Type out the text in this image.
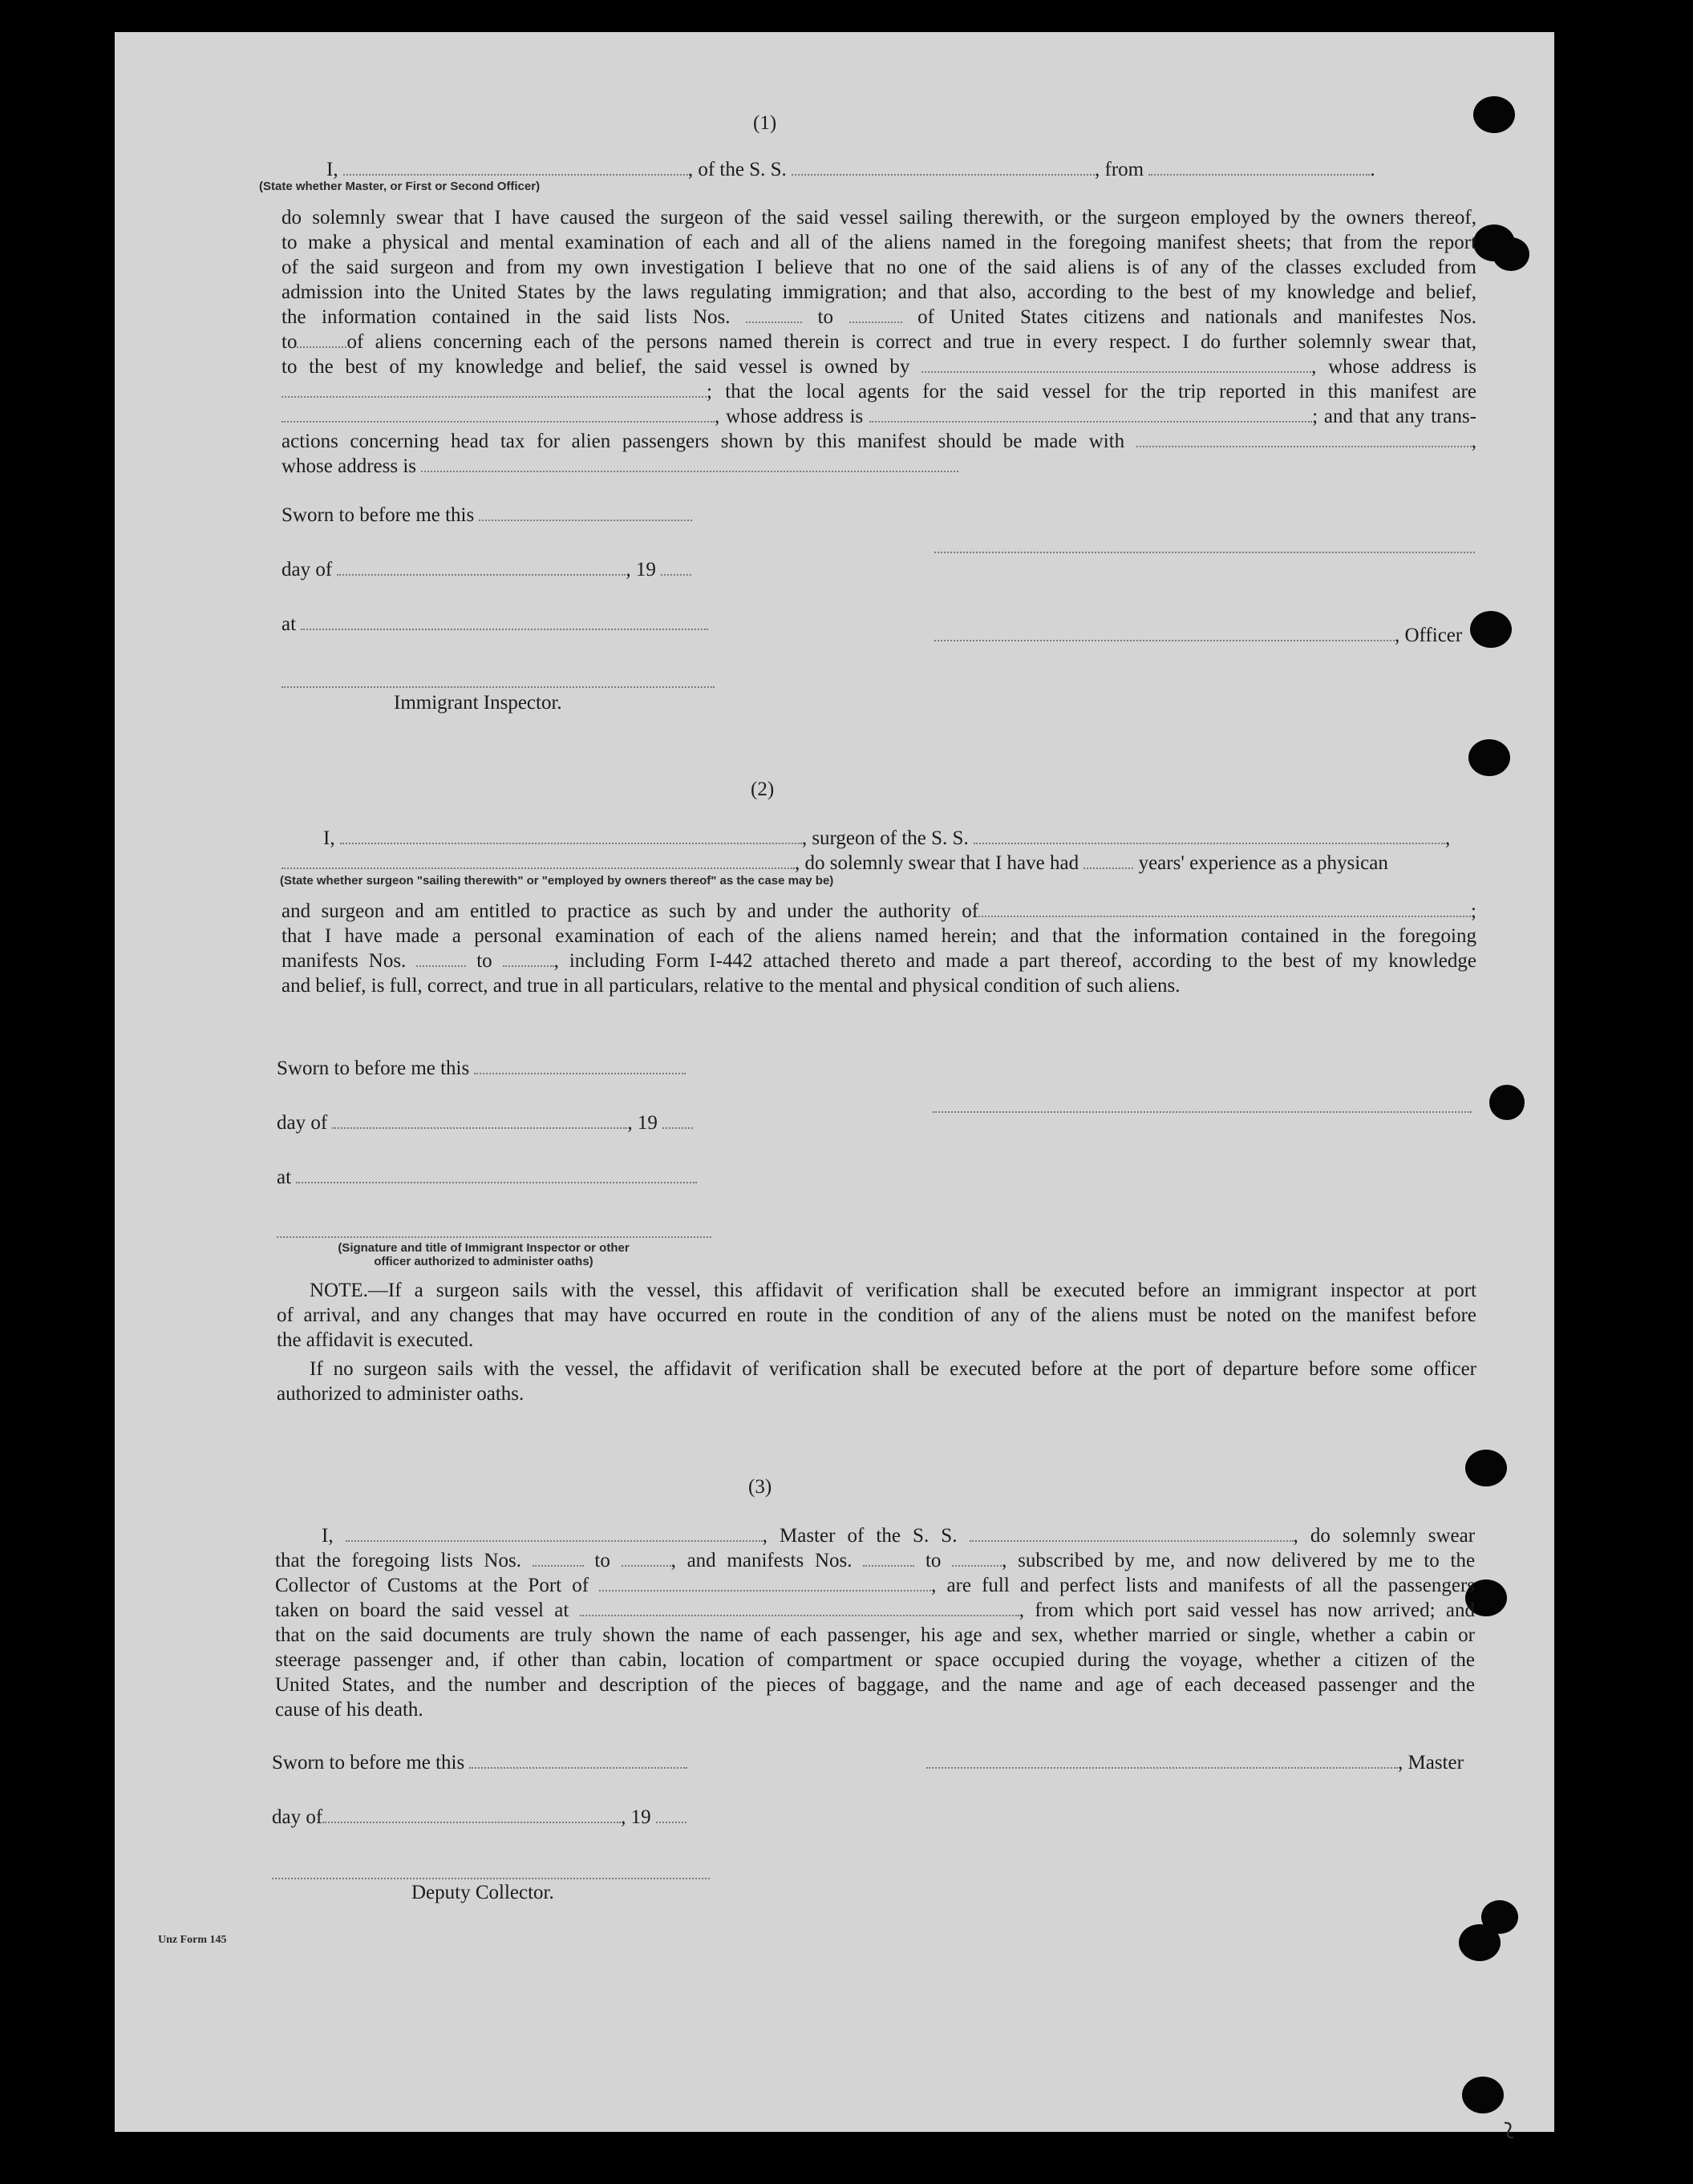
(1)
I,	, of the S. S.	, from	.
(State whether Master, or First or Second Officer)
do solemnly swear that I have caused the surgeon of the said vessel sailing therewith, or the surgeon employed by the owners thereof,
to make a physical and mental examination of each and all of the aliens named in the foregoing manifest sheets; that from the report
of the said surgeon and from my own investigation I believe that no one of the said aliens is of any of the classes excluded from
admission into the United States by the laws regulating immigration; and that also, according to the best of my knowledge and belief,
the information contained in the said lists Nos.	to	of United States citizens and nationals and manifestes Nos.
to of aliens concerning each of the persons named therein is correct and true in every respect. I do further solemnly swear that,
to the best of my knowledge and belief, the said vessel is owned by	, whose address is
; that the local agents for the said vessel for the trip reported in this manifest are
, whose address is	; and that any trans-
actions concerning head tax for alien passengers shown by this manifest should be made with	,
whose address is
Sworn to before me this
day of	, 19
at
, Officer
Immigrant Inspector.
(2)
I,	, surgeon of the S. S.	,
, do solemnly swear that I have had	years' experience as a physican
(State whether surgeon "sailing therewith" or "employed by owners thereof" as the case may be)
and surgeon and am entitled to practice as such by and under the authority of	;
that I have made a personal examination of each of the aliens named herein; and that the information contained in the foregoing
manifests Nos.	to	, including Form I-442 attached thereto and made a part thereof, according to the best of my knowledge
and belief, is full, correct, and true in all particulars, relative to the mental and physical condition of such aliens.
Sworn to before me this
day of	, 19
at
(Signature and title of Immigrant Inspector or other
officer authorized to administer oaths)
NOTE.—If a surgeon sails with the vessel, this affidavit of verification shall be executed before an immigrant inspector at port
of arrival, and any changes that may have occurred en route in the condition of any of the aliens must be noted on the manifest before
the affidavit is executed.
If no surgeon sails with the vessel, the affidavit of verification shall be executed before at the port of departure before some officer
authorized to administer oaths.
(3)
I,	, Master of the S. S.	, do solemnly swear
that the foregoing lists Nos.	to	, and manifests Nos.	to	, subscribed by me, and now delivered by me to the
Collector of Customs at the Port of	, are full and perfect lists and manifests of all the passengers
taken on board the said vessel at	, from which port said vessel has now arrived; and
that on the said documents are truly shown the name of each passenger, his age and sex, whether married or single, whether a cabin or
steerage passenger and, if other than cabin, location of compartment or space occupied during the voyage, whether a citizen of the
United States, and the number and description of the pieces of baggage, and the name and age of each deceased passenger and the
cause of his death.
Sworn to before me this	, Master
day of	, 19
Deputy Collector.
Unz Form 145
~
